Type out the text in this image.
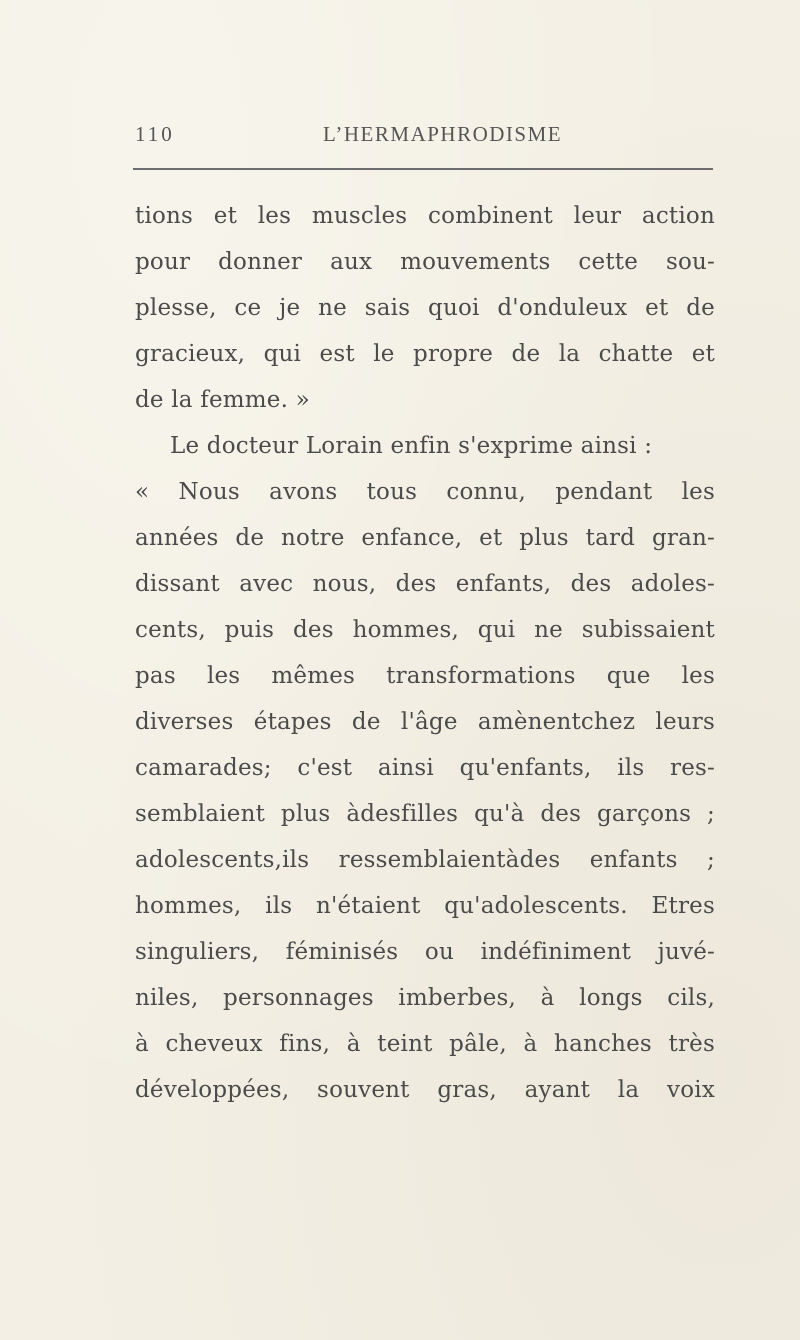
110	L’HERMAPHRODISME
tions et les muscles combinent leur action
pour donner aux mouvements cette sou-
plesse, ce je ne sais quoi d'onduleux et de
gracieux, qui est le propre de la chatte et
de la femme. »
Le docteur Lorain enfin s'exprime ainsi :
« Nous avons tous connu, pendant les
années de notre enfance, et plus tard gran-
dissant avec nous, des enfants, des adoles-
cents, puis des hommes, qui ne subissaient
pas les mêmes transformations que les
diverses étapes de l'âge amènentchez leurs
camarades; c'est ainsi qu'enfants, ils res-
semblaient plus àdesfilles qu'à des garçons ;
adolescents,ils ressemblaientàdes enfants ;
hommes, ils n'étaient qu'adolescents. Etres
singuliers, féminisés ou indéfiniment juvé-
niles, personnages imberbes, à longs cils,
à cheveux fins, à teint pâle, à hanches très
développées, souvent gras, ayant la voix
